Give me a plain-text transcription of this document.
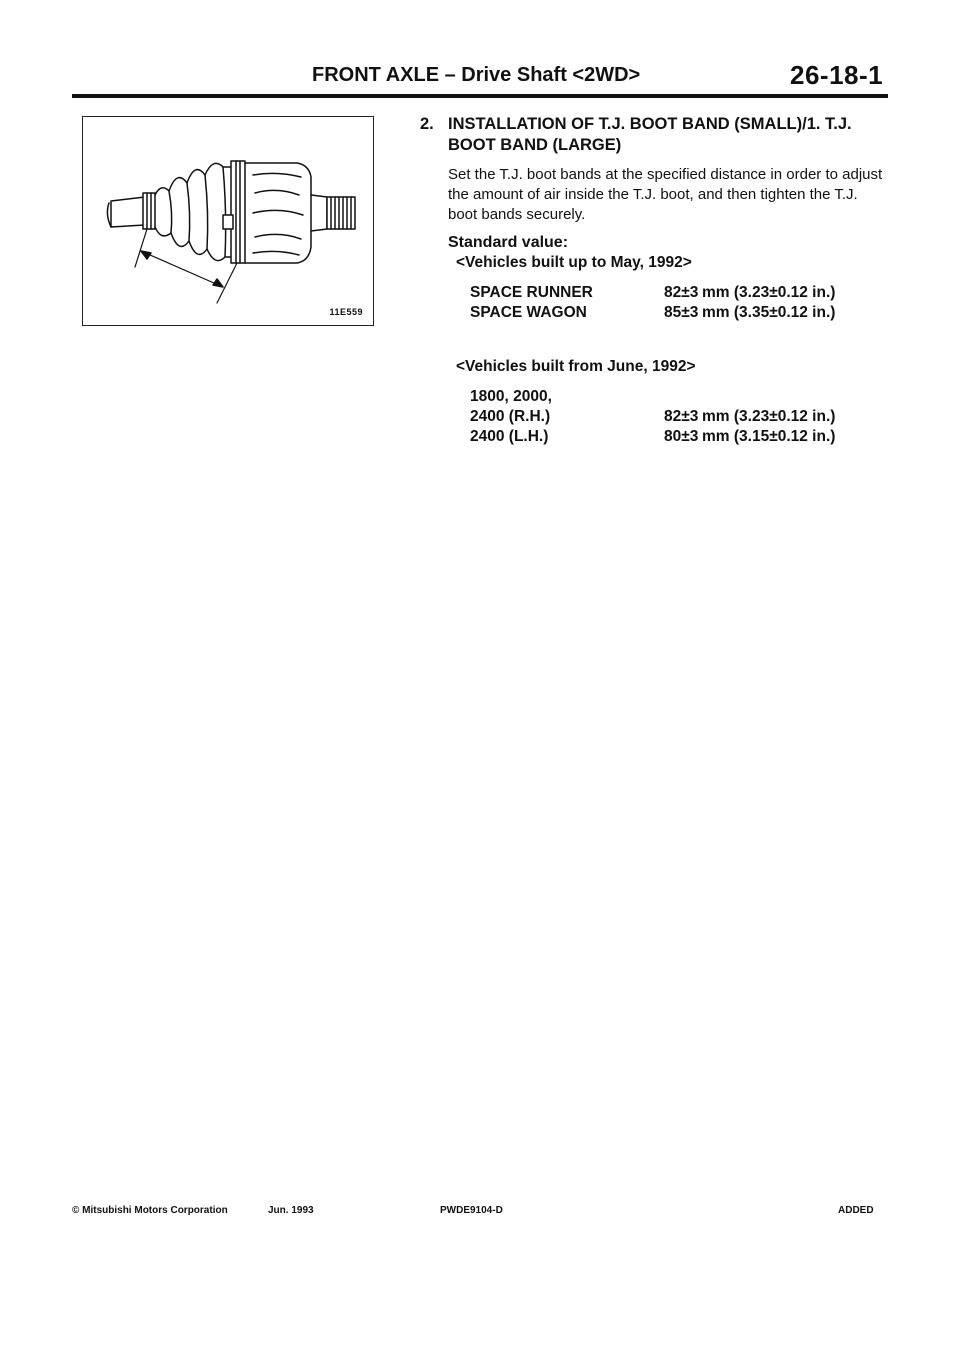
FRONT AXLE – Drive Shaft <2WD>	26-18-1
11E559

2. INSTALLATION OF T.J. BOOT BAND (SMALL)/1. T.J. BOOT BAND (LARGE)

Set the T.J. boot bands at the specified distance in order to adjust the amount of air inside the T.J. boot, and then tighten the T.J. boot bands securely.

Standard value:
<Vehicles built up to May, 1992>
SPACE RUNNER	82±3	mm (3.23±0.12 in.)
SPACE WAGON	85±3	mm (3.35±0.12 in.)
<Vehicles built from June, 1992>
1800, 2000,		
2400 (R.H.)	82±3	mm (3.23±0.12 in.)
2400 (L.H.)	80±3	mm (3.15±0.12 in.)
© Mitsubishi Motors Corporation	Jun. 1993	PWDE9104-D	ADDED
